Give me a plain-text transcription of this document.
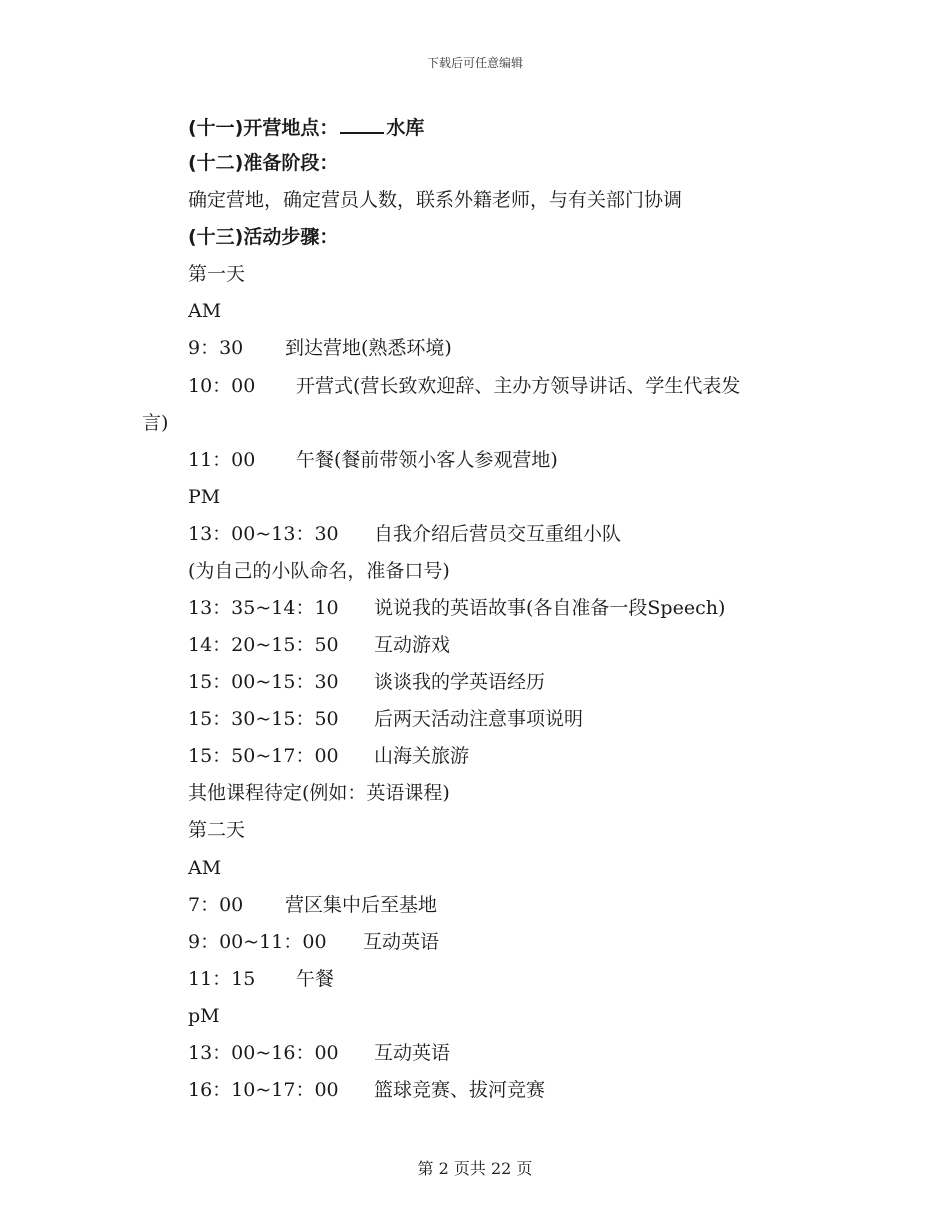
下载后可任意编辑
(十一)开营地点：	水库
(十二)准备阶段：
确定营地，确定营员人数，联系外籍老师，与有关部门协调
(十三)活动步骤：
第一天
AM
9：30 到达营地(熟悉环境)
10：00 开营式(营长致欢迎辞、主办方领导讲话、学生代表发
言)
11：00 午餐(餐前带领小客人参观营地)
PM
13：00~13：30 自我介绍后营员交互重组小队
(为自己的小队命名，准备口号)
13：35~14：10 说说我的英语故事(各自准备一段Speech)
14：20~15：50 互动游戏
15：00~15：30 谈谈我的学英语经历
15：30~15：50 后两天活动注意事项说明
15：50~17：00 山海关旅游
其他课程待定(例如：英语课程)
第二天
AM
7：00 营区集中后至基地
9：00~11：00 互动英语
11：15 午餐
pM
13：00~16：00 互动英语
16：10~17：00 篮球竞赛、拔河竞赛
第 2 页共 22 页
